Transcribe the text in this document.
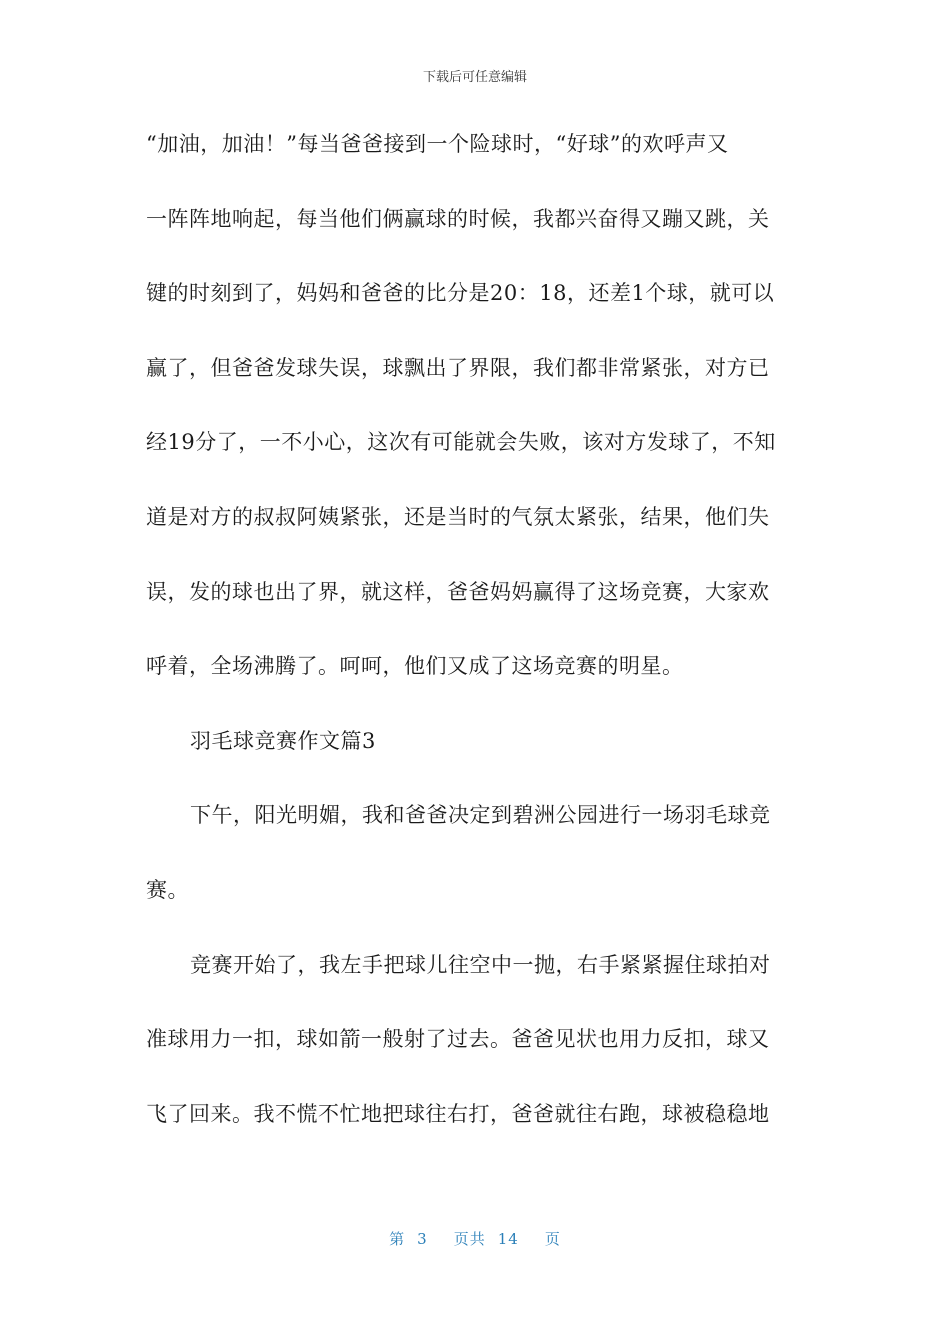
下载后可任意编辑
“加油，加油！”每当爸爸接到一个险球时，“好球”的欢呼声又
一阵阵地响起，每当他们俩赢球的时候，我都兴奋得又蹦又跳，关
键的时刻到了，妈妈和爸爸的比分是20：18，还差1个球，就可以
赢了，但爸爸发球失误，球飘出了界限，我们都非常紧张，对方已
经19分了，一不小心，这次有可能就会失败，该对方发球了，不知
道是对方的叔叔阿姨紧张，还是当时的气氛太紧张，结果，他们失
误，发的球也出了界，就这样，爸爸妈妈赢得了这场竞赛，大家欢
呼着，全场沸腾了。呵呵，他们又成了这场竞赛的明星。
羽毛球竞赛作文篇3
下午，阳光明媚，我和爸爸决定到碧洲公园进行一场羽毛球竞
赛。
竞赛开始了，我左手把球儿往空中一抛，右手紧紧握住球拍对
准球用力一扣，球如箭一般射了过去。爸爸见状也用力反扣，球又
飞了回来。我不慌不忙地把球往右打，爸爸就往右跑，球被稳稳地
第 3 页共 14 页
